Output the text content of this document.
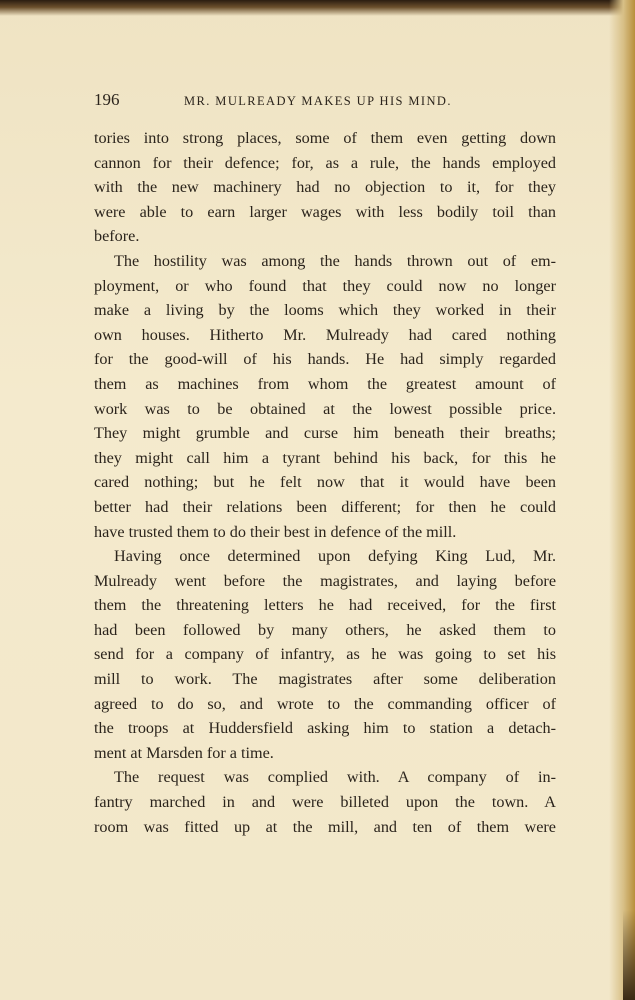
196	MR. MULREADY MAKES UP HIS MIND.
tories into strong places, some of them even getting down
cannon for their defence; for, as a rule, the hands employed
with the new machinery had no objection to it, for they
were able to earn larger wages with less bodily toil than
before.
The hostility was among the hands thrown out of em-
ployment, or who found that they could now no longer
make a living by the looms which they worked in their
own houses. Hitherto Mr. Mulready had cared nothing
for the good-will of his hands. He had simply regarded
them as machines from whom the greatest amount of
work was to be obtained at the lowest possible price.
They might grumble and curse him beneath their breaths;
they might call him a tyrant behind his back, for this he
cared nothing; but he felt now that it would have been
better had their relations been different; for then he could
have trusted them to do their best in defence of the mill.
Having once determined upon defying King Lud, Mr.
Mulready went before the magistrates, and laying before
them the threatening letters he had received, for the first
had been followed by many others, he asked them to
send for a company of infantry, as he was going to set his
mill to work. The magistrates after some deliberation
agreed to do so, and wrote to the commanding officer of
the troops at Huddersfield asking him to station a detach-
ment at Marsden for a time.
The request was complied with. A company of in-
fantry marched in and were billeted upon the town. A
room was fitted up at the mill, and ten of them were
